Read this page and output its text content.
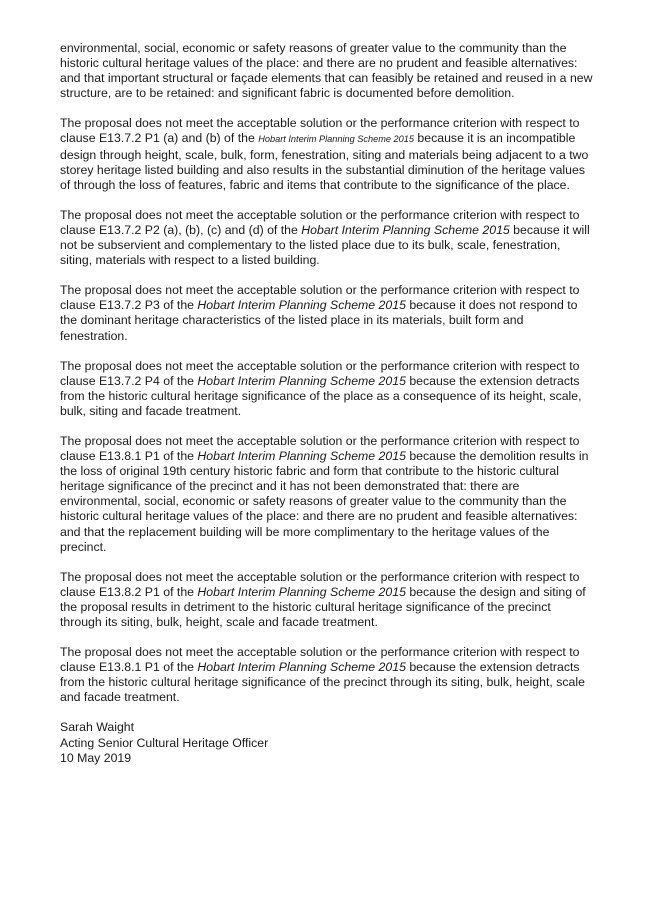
environmental, social, economic or safety reasons of greater value to the community than the historic cultural heritage values of the place: and there are no prudent and feasible alternatives: and that important structural or façade elements that can feasibly be retained and reused in a new structure, are to be retained: and significant fabric is documented before demolition.

The proposal does not meet the acceptable solution or the performance criterion with respect to clause E13.7.2 P1 (a) and (b) of the Hobart Interim Planning Scheme 2015 because it is an incompatible design through height, scale, bulk, form, fenestration, siting and materials being adjacent to a two storey heritage listed building and also results in the substantial diminution of the heritage values of through the loss of features, fabric and items that contribute to the significance of the place.

The proposal does not meet the acceptable solution or the performance criterion with respect to clause E13.7.2 P2 (a), (b), (c) and (d) of the Hobart Interim Planning Scheme 2015 because it will not be subservient and complementary to the listed place due to its bulk, scale, fenestration, siting, materials with respect to a listed building.

The proposal does not meet the acceptable solution or the performance criterion with respect to clause E13.7.2 P3 of the Hobart Interim Planning Scheme 2015 because it does not respond to the dominant heritage characteristics of the listed place in its materials, built form and fenestration.

The proposal does not meet the acceptable solution or the performance criterion with respect to clause E13.7.2 P4 of the Hobart Interim Planning Scheme 2015 because the extension detracts from the historic cultural heritage significance of the place as a consequence of its height, scale, bulk, siting and facade treatment.

The proposal does not meet the acceptable solution or the performance criterion with respect to clause E13.8.1 P1 of the Hobart Interim Planning Scheme 2015 because the demolition results in the loss of original 19th century historic fabric and form that contribute to the historic cultural heritage significance of the precinct and it has not been demonstrated that: there are environmental, social, economic or safety reasons of greater value to the community than the historic cultural heritage values of the place: and there are no prudent and feasible alternatives: and that the replacement building will be more complimentary to the heritage values of the precinct.

The proposal does not meet the acceptable solution or the performance criterion with respect to clause E13.8.2 P1 of the Hobart Interim Planning Scheme 2015 because the design and siting of the proposal results in detriment to the historic cultural heritage significance of the precinct through its siting, bulk, height, scale and facade treatment.

The proposal does not meet the acceptable solution or the performance criterion with respect to clause E13.8.1 P1 of the Hobart Interim Planning Scheme 2015 because the extension detracts from the historic cultural heritage significance of the precinct through its siting, bulk, height, scale and facade treatment.

Sarah Waight
Acting Senior Cultural Heritage Officer
10 May 2019
